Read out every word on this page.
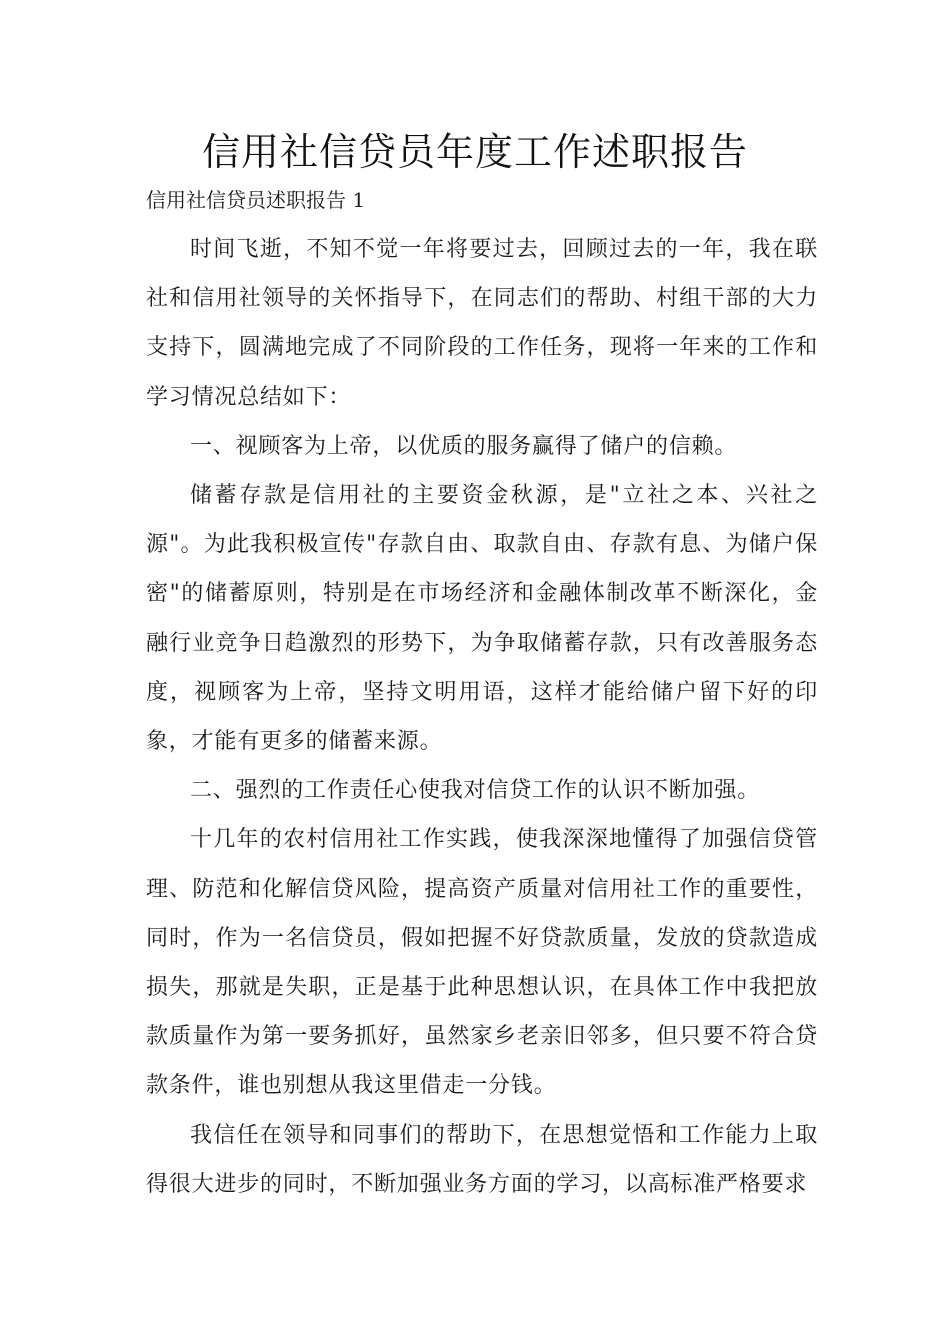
信用社信贷员年度工作述职报告
信用社信贷员述职报告 1

时间飞逝，不知不觉一年将要过去，回顾过去的一年，我在联社和信用社领导的关怀指导下，在同志们的帮助、村组干部的大力支持下，圆满地完成了不同阶段的工作任务，现将一年来的工作和学习情况总结如下：

一、视顾客为上帝，以优质的服务赢得了储户的信赖。

储蓄存款是信用社的主要资金秋源，是"立社之本、兴社之源"。为此我积极宣传"存款自由、取款自由、存款有息、为储户保密"的储蓄原则，特别是在市场经济和金融体制改革不断深化，金融行业竞争日趋激烈的形势下，为争取储蓄存款，只有改善服务态度，视顾客为上帝，坚持文明用语，这样才能给储户留下好的印象，才能有更多的储蓄来源。

二、强烈的工作责任心使我对信贷工作的认识不断加强。

十几年的农村信用社工作实践，使我深深地懂得了加强信贷管理、防范和化解信贷风险，提高资产质量对信用社工作的重要性，同时，作为一名信贷员，假如把握不好贷款质量，发放的贷款造成损失，那就是失职，正是基于此种思想认识，在具体工作中我把放款质量作为第一要务抓好，虽然家乡老亲旧邻多，但只要不符合贷款条件，谁也别想从我这里借走一分钱。

我信任在领导和同事们的帮助下，在思想觉悟和工作能力上取得很大进步的同时，不断加强业务方面的学习，以高标准严格要求
